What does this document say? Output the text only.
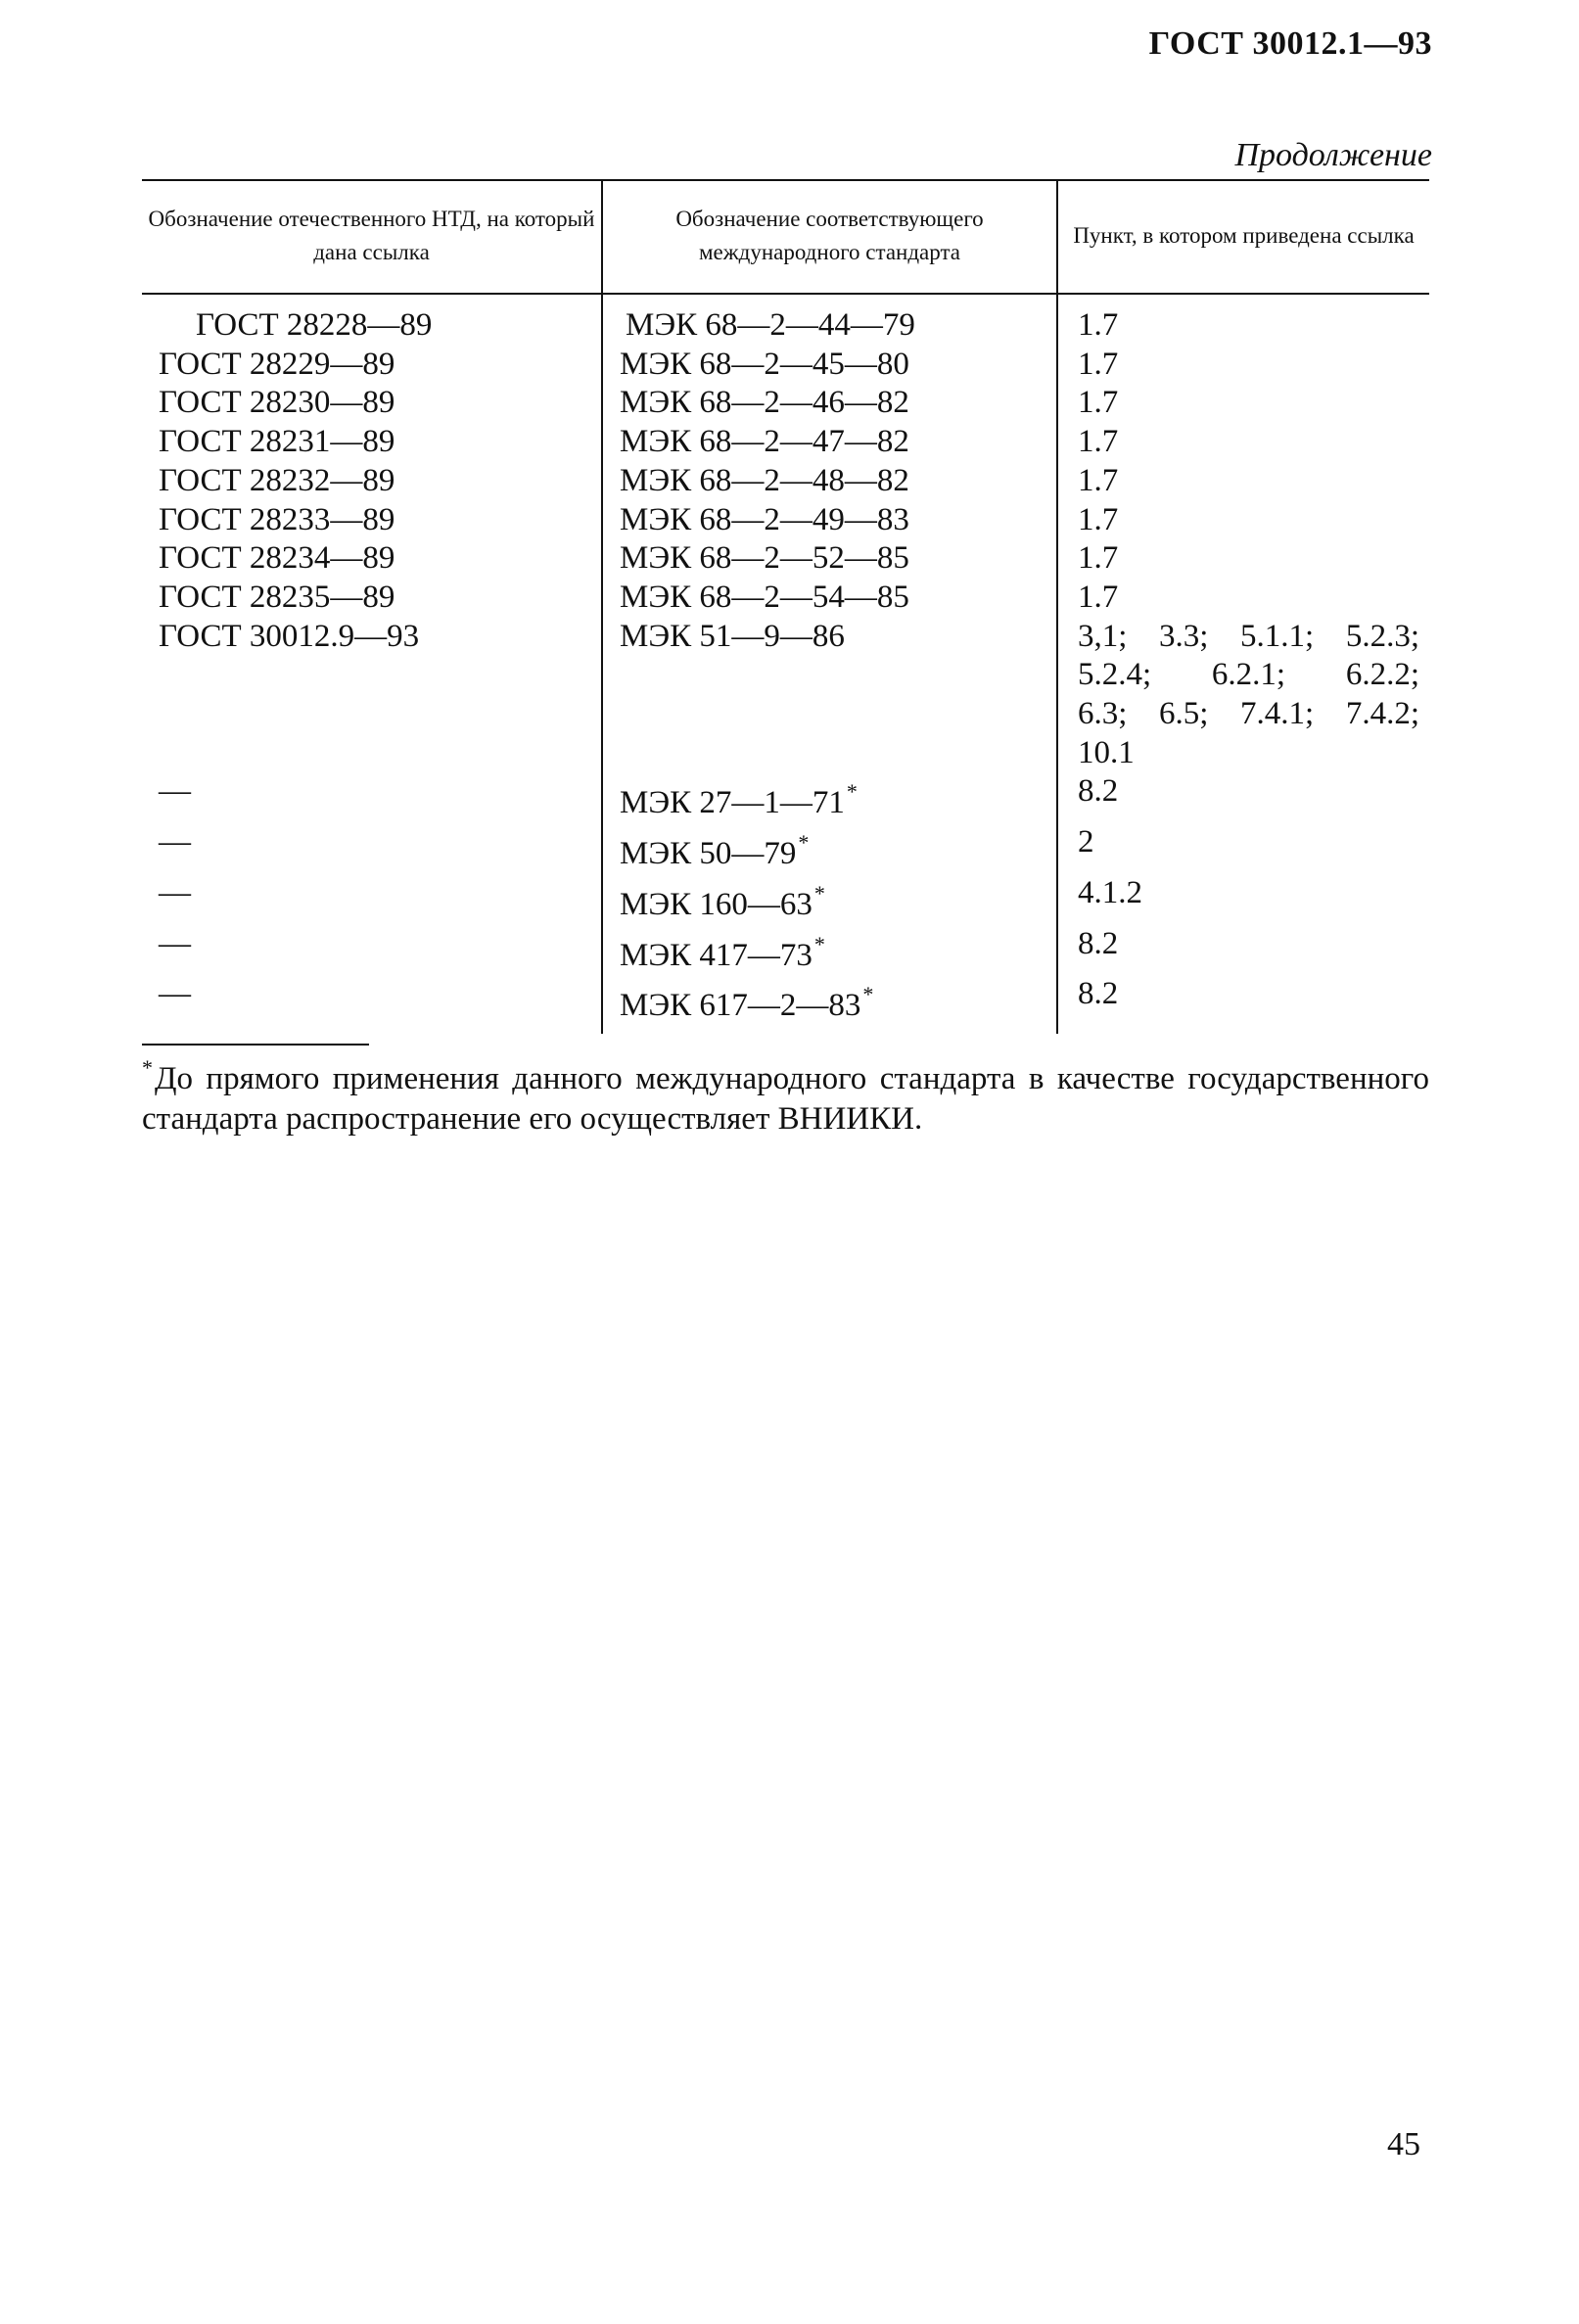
ГОСТ 30012.1—93
Продолжение
Обозначение отечественного НТД, на который дана ссылка	Обозначение соответствующего международного стандарта	Пункт, в котором приведена ссылка
ГОСТ 28228—89	МЭК 68—2—44—79	1.7

ГОСТ 28229—89	МЭК 68—2—45—80	1.7

ГОСТ 28230—89	МЭК 68—2—46—82	1.7

ГОСТ 28231—89	МЭК 68—2—47—82	1.7

ГОСТ 28232—89	МЭК 68—2—48—82	1.7

ГОСТ 28233—89	МЭК 68—2—49—83	1.7

ГОСТ 28234—89	МЭК 68—2—52—85	1.7

ГОСТ 28235—89	МЭК 68—2—54—85	1.7

ГОСТ 30012.9—93	МЭК 51—9—86	3,1; 3.3; 5.1.1; 5.2.3;
5.2.4; 6.2.1; 6.2.2;
6.3; 6.5; 7.4.1; 7.4.2;
10.1

—	МЭК 27—1—71*	8.2

—	МЭК 50—79*	2

—	МЭК 160—63*	4.1.2

—	МЭК 417—73*	8.2

—	МЭК 617—2—83*	8.2
*До прямого применения данного международного стандарта в качестве государственного стандарта распространение его осуществляет ВНИИКИ.
45
